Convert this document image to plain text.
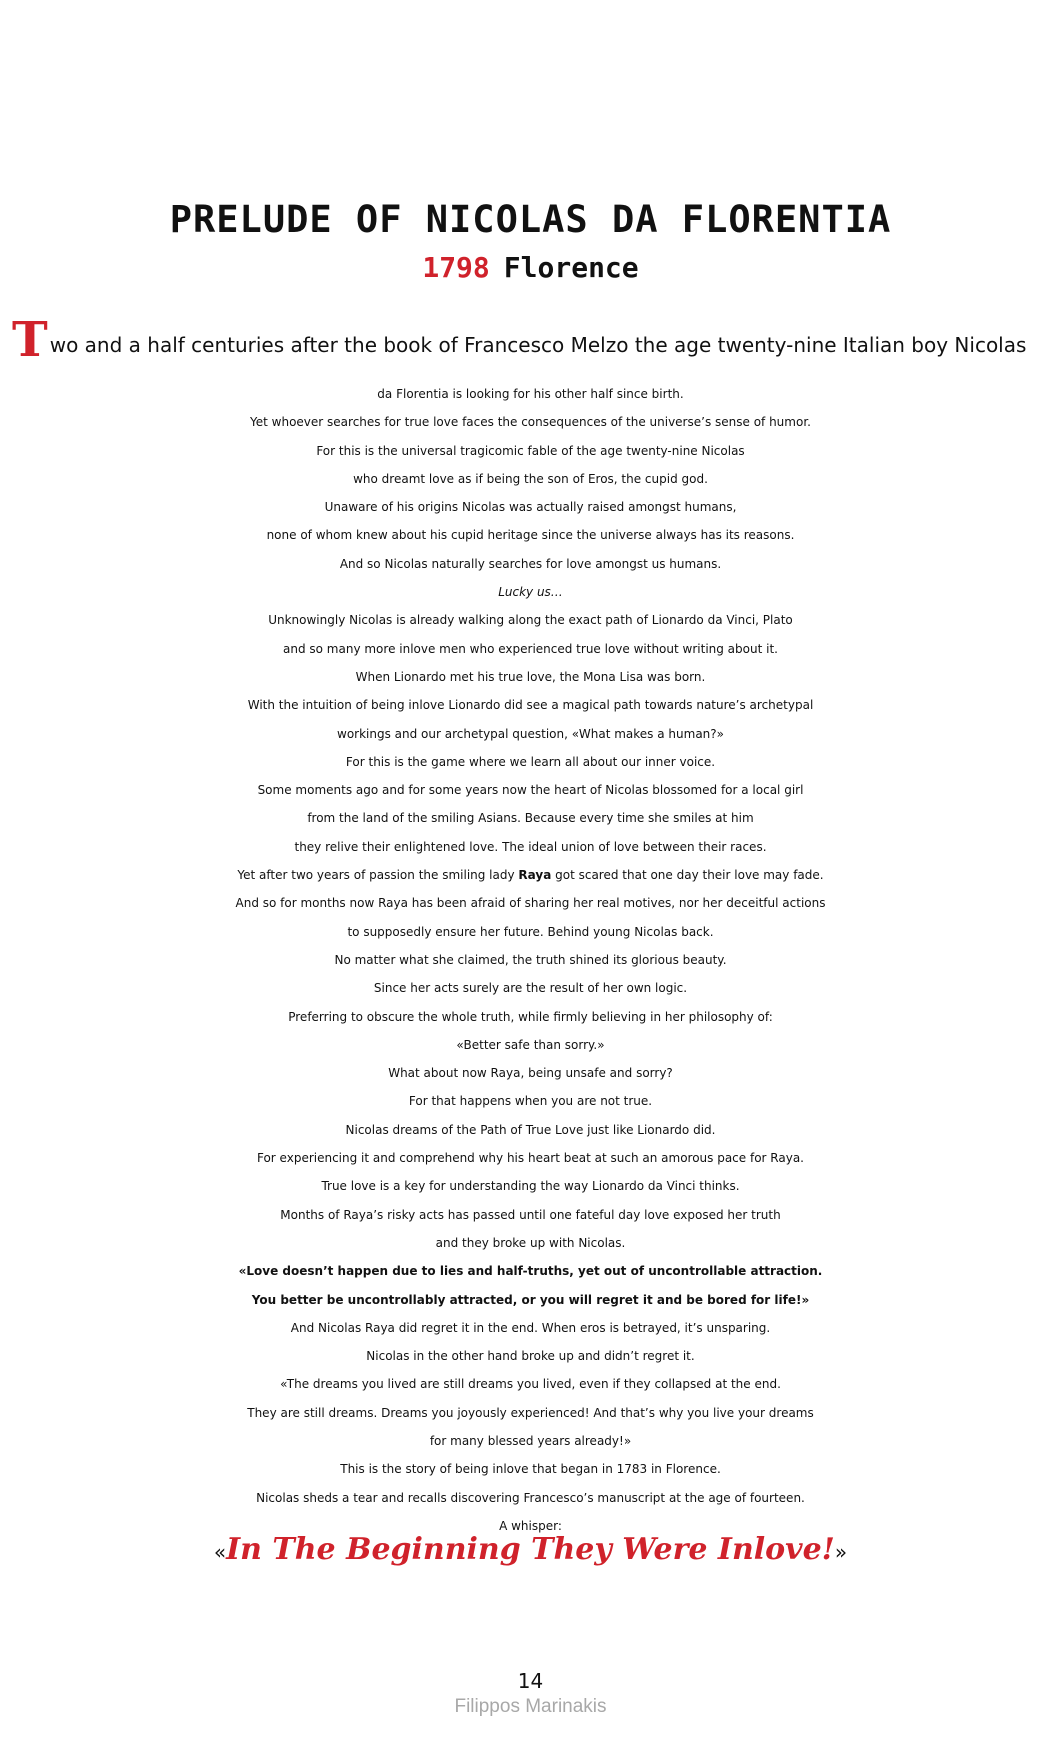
PRELUDE OF NICOLAS DA FLORENTIA
1798 Florence

Two and a half centuries after the book of Francesco Melzo the age twenty-nine Italian boy Nicolas

da Florentia is looking for his other half since birth.
Yet whoever searches for true love faces the consequences of the universe’s sense of humor.
For this is the universal tragicomic fable of the age twenty-nine Nicolas
who dreamt love as if being the son of Eros, the cupid god.
Unaware of his origins Nicolas was actually raised amongst humans,
none of whom knew about his cupid heritage since the universe always has its reasons.
And so Nicolas naturally searches for love amongst us humans.
Lucky us…
Unknowingly Nicolas is already walking along the exact path of Lionardo da Vinci, Plato
and so many more inlove men who experienced true love without writing about it.
When Lionardo met his true love, the Mona Lisa was born.
With the intuition of being inlove Lionardo did see a magical path towards nature’s archetypal
workings and our archetypal question, «What makes a human?»
For this is the game where we learn all about our inner voice.
Some moments ago and for some years now the heart of Nicolas blossomed for a local girl
from the land of the smiling Asians. Because every time she smiles at him
they relive their enlightened love. The ideal union of love between their races.
Yet after two years of passion the smiling lady Raya got scared that one day their love may fade.
And so for months now Raya has been afraid of sharing her real motives, nor her deceitful actions
to supposedly ensure her future. Behind young Nicolas back.
No matter what she claimed, the truth shined its glorious beauty.
Since her acts surely are the result of her own logic.
Preferring to obscure the whole truth, while firmly believing in her philosophy of:
«Better safe than sorry.»
What about now Raya, being unsafe and sorry?
For that happens when you are not true.
Nicolas dreams of the Path of True Love just like Lionardo did.
For experiencing it and comprehend why his heart beat at such an amorous pace for Raya.
True love is a key for understanding the way Lionardo da Vinci thinks.
Months of Raya’s risky acts has passed until one fateful day love exposed her truth
and they broke up with Nicolas.
«Love doesn’t happen due to lies and half-truths, yet out of uncontrollable attraction.
You better be uncontrollably attracted, or you will regret it and be bored for life!»
And Nicolas Raya did regret it in the end. When eros is betrayed, it’s unsparing.
Nicolas in the other hand broke up and didn’t regret it.
«The dreams you lived are still dreams you lived, even if they collapsed at the end.
They are still dreams. Dreams you joyously experienced! And that’s why you live your dreams
for many blessed years already!»
This is the story of being inlove that began in 1783 in Florence.
Nicolas sheds a tear and recalls discovering Francesco’s manuscript at the age of fourteen.
A whisper:
«In The Beginning They Were Inlove!»
14
Filippos Marinakis
